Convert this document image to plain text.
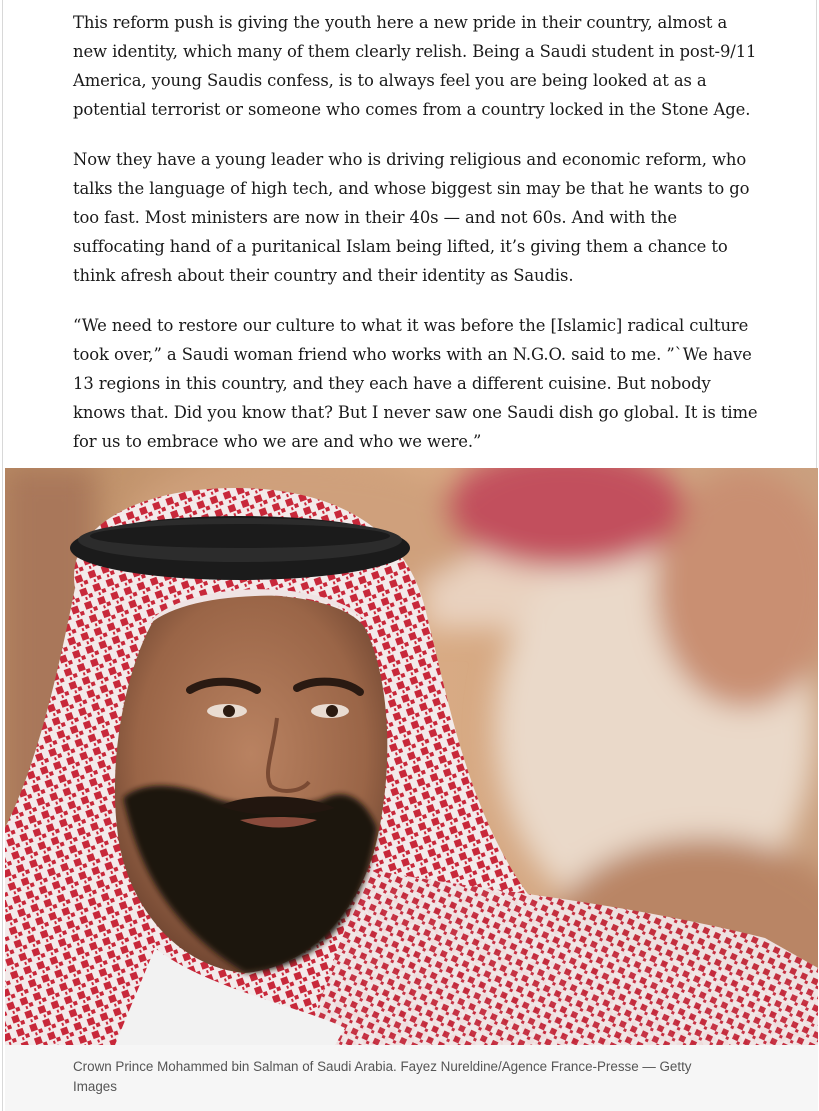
This reform push is giving the youth here a new pride in their country, almost a new identity, which many of them clearly relish. Being a Saudi student in post-9/11 America, young Saudis confess, is to always feel you are being looked at as a potential terrorist or someone who comes from a country locked in the Stone Age.

Now they have a young leader who is driving religious and economic reform, who talks the language of high tech, and whose biggest sin may be that he wants to go too fast. Most ministers are now in their 40s — and not 60s. And with the suffocating hand of a puritanical Islam being lifted, it’s giving them a chance to think afresh about their country and their identity as Saudis.

“We need to restore our culture to what it was before the [Islamic] radical culture took over,” a Saudi woman friend who works with an N.G.O. said to me. ”`We have 13 regions in this country, and they each have a different cuisine. But nobody knows that. Did you know that? But I never saw one Saudi dish go global. It is time for us to embrace who we are and who we were.”

Crown Prince Mohammed bin Salman of Saudi Arabia. Fayez Nureldine/Agence France-Presse — Getty Images
